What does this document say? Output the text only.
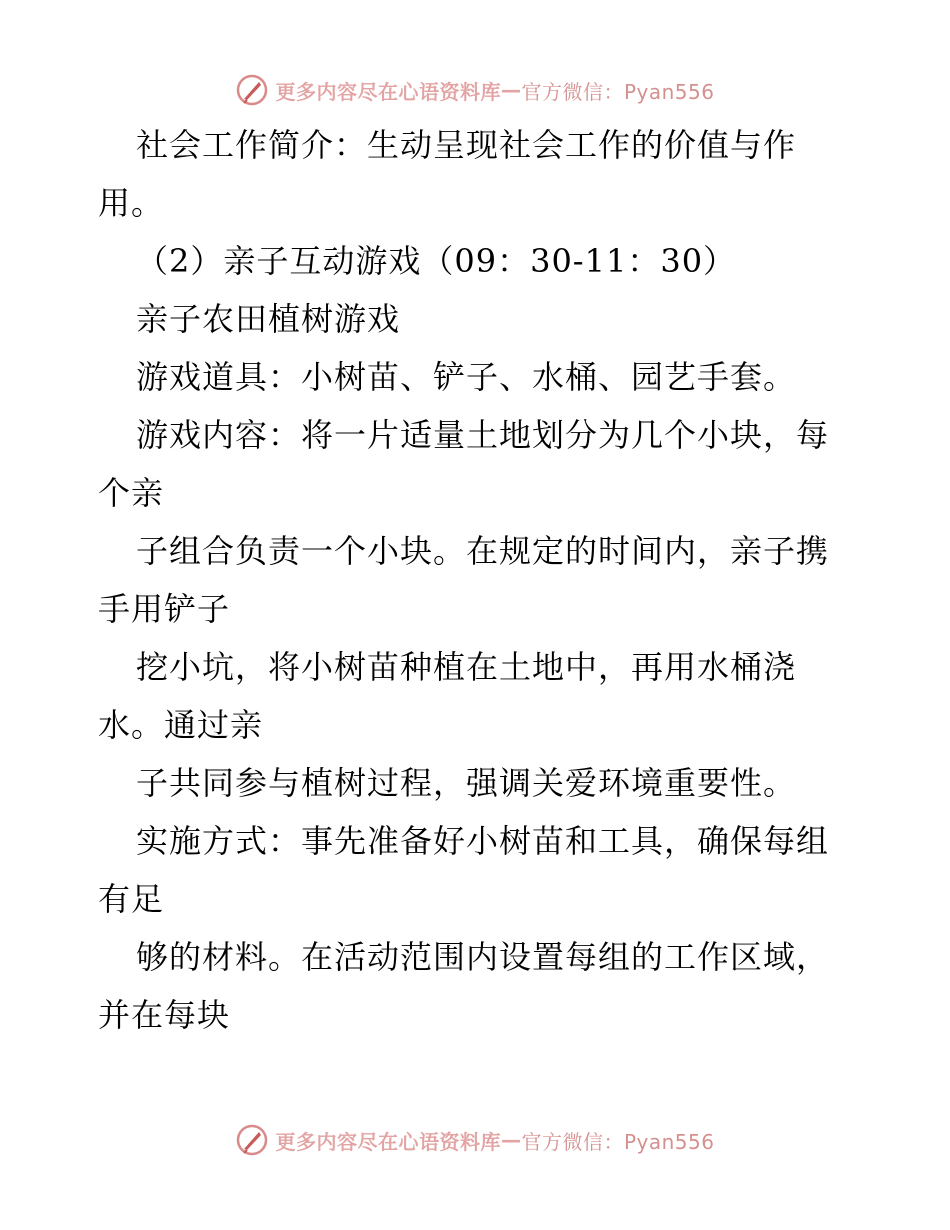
更多内容尽在心语资料库 — 官方微信：Pyan556
社会工作简介：生动呈现社会工作的价值与作
用。
（2）亲子互动游戏（09：30-11：30）
亲子农田植树游戏
游戏道具：小树苗、铲子、水桶、园艺手套。
游戏内容：将一片适量土地划分为几个小块，每
个亲
子组合负责一个小块。在规定的时间内，亲子携
手用铲子
挖小坑，将小树苗种植在土地中，再用水桶浇
水。通过亲
子共同参与植树过程，强调关爱环境重要性。
实施方式：事先准备好小树苗和工具，确保每组
有足
够的材料。在活动范围内设置每组的工作区域，
并在每块
更多内容尽在心语资料库 — 官方微信：Pyan556
